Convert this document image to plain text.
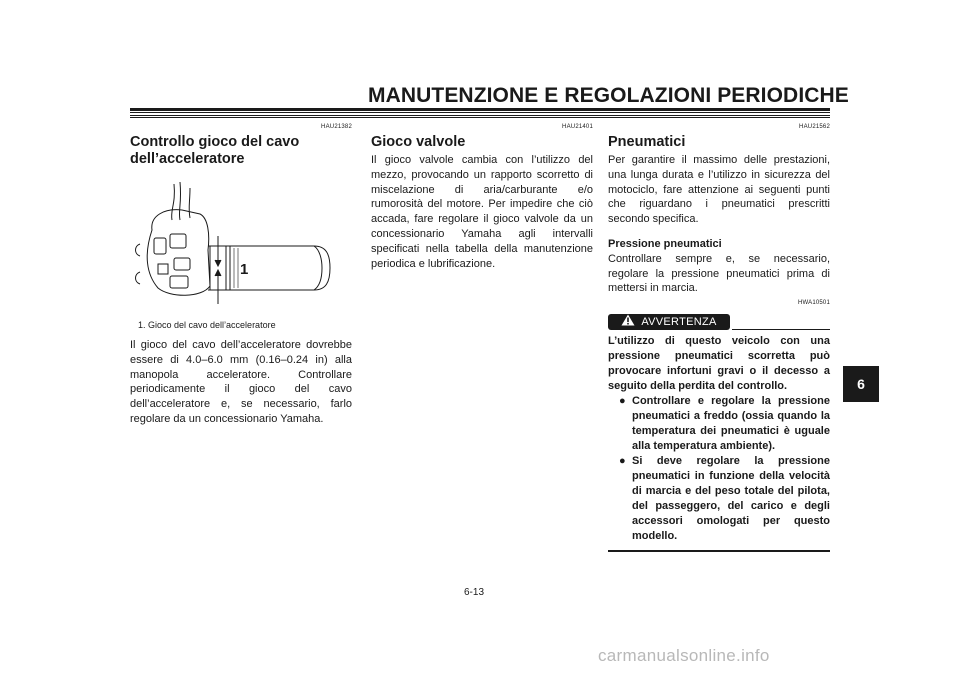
MANUTENZIONE E REGOLAZIONI PERIODICHE
HAU21382
Controllo gioco del cavo dell’acceleratore
1
1. Gioco del cavo dell’acceleratore
Il gioco del cavo dell’acceleratore dovrebbe essere di 4.0–6.0 mm (0.16–0.24 in) alla manopola acceleratore. Controllare periodicamente il gioco del cavo dell’acceleratore e, se necessario, farlo regolare da un concessionario Yamaha.
HAU21401
Gioco valvole
Il gioco valvole cambia con l’utilizzo del mezzo, provocando un rapporto scorretto di miscelazione di aria/carburante e/o rumorosità del motore. Per impedire che ciò accada, fare regolare il gioco valvole da un concessionario Yamaha agli intervalli specificati nella tabella della manutenzione periodica e lubrificazione.
HAU21562
Pneumatici
Per garantire il massimo delle prestazioni, una lunga durata e l’utilizzo in sicurezza del motociclo, fare attenzione ai seguenti punti che riguardano i pneumatici prescritti secondo specifica.
Pressione pneumatici
Controllare sempre e, se necessario, regolare la pressione pneumatici prima di mettersi in marcia.
HWA10501
AVVERTENZA
L’utilizzo di questo veicolo con una pressione pneumatici scorretta può provocare infortuni gravi o il decesso a seguito della perdita del controllo.
● Controllare e regolare la pressione pneumatici a freddo (ossia quando la temperatura dei pneumatici è uguale alla temperatura ambiente).
● Si deve regolare la pressione pneumatici in funzione della velocità di marcia e del peso totale del pilota, del passeggero, del carico e degli accessori omologati per questo modello.
6
6-13
carmanualsonline.info
